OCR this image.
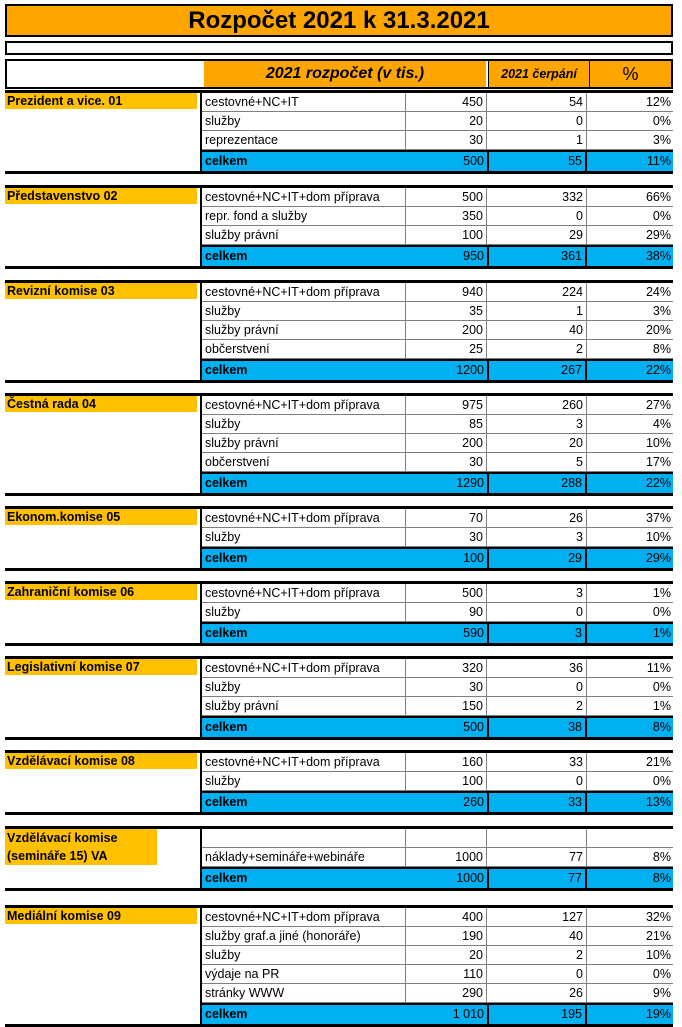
Rozpočet 2021 k 31.3.2021
2021 rozpočet (v tis.)	2021 čerpání	%
Prezident a vice. 01	cestovné+NC+IT	450	54	12%
služby	20	0	0%
reprezentace	30	1	3%
celkem	500	55	11%
Představenstvo 02	cestovné+NC+IT+dom příprava	500	332	66%
repr. fond a služby	350	0	0%
služby právní	100	29	29%
celkem	950	361	38%
Revizní komise 03	cestovné+NC+IT+dom příprava	940	224	24%
služby	35	1	3%
služby právní	200	40	20%
občerstvení	25	2	8%
celkem	1200	267	22%
Čestná rada 04	cestovné+NC+IT+dom příprava	975	260	27%
služby	85	3	4%
služby právní	200	20	10%
občerstvení	30	5	17%
celkem	1290	288	22%
Ekonom.komise 05	cestovné+NC+IT+dom příprava	70	26	37%
služby	30	3	10%
celkem	100	29	29%
Zahraniční komise 06	cestovné+NC+IT+dom příprava	500	3	1%
služby	90	0	0%
celkem	590	3	1%
Legislativní komise 07	cestovné+NC+IT+dom příprava	320	36	11%
služby	30	0	0%
služby právní	150	2	1%
celkem	500	38	8%
Vzdělávací komise 08	cestovné+NC+IT+dom příprava	160	33	21%
služby	100	0	0%
celkem	260	33	13%
Vzdělávací komise (semináře 15) VA	náklady+semináře+webináře	1000	77	8%
celkem	1000	77	8%
Mediální komise 09	cestovné+NC+IT+dom příprava	400	127	32%
služby graf.a jiné (honoráře)	190	40	21%
služby	20	2	10%
výdaje na PR	110	0	0%
stránky WWW	290	26	9%
celkem	1 010	195	19%
